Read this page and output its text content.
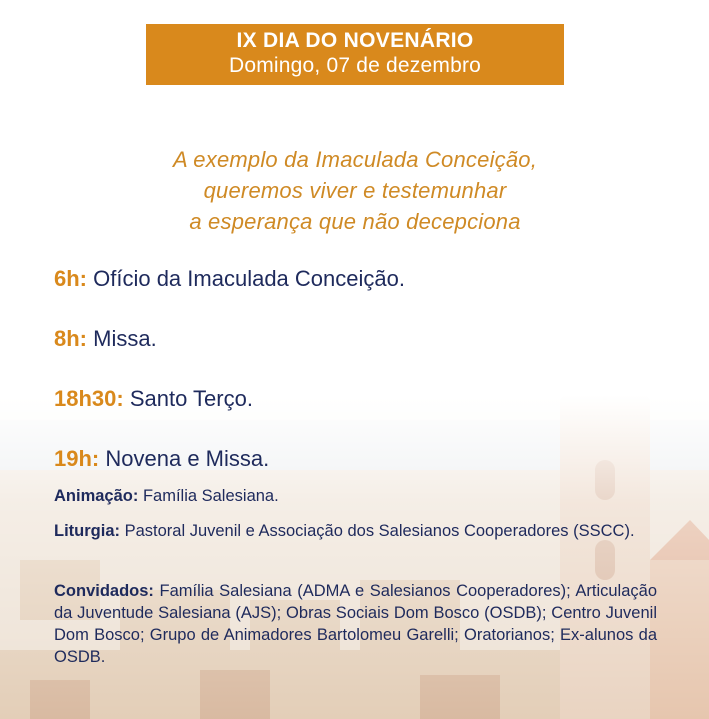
IX DIA DO NOVENÁRIO
Domingo, 07 de dezembro
A exemplo da Imaculada Conceição,
queremos viver e testemunhar
a esperança que não decepciona
6h: Ofício da Imaculada Conceição.
8h: Missa.
18h30: Santo Terço.
19h: Novena e Missa.
Animação: Família Salesiana.
Liturgia: Pastoral Juvenil e Associação dos Salesianos Cooperadores (SSCC).
Convidados: Família Salesiana (ADMA e Salesianos Cooperadores); Articulação da Juventude Salesiana (AJS); Obras Sociais Dom Bosco (OSDB); Centro Juvenil Dom Bosco; Grupo de Animadores Bartolomeu Garelli; Oratorianos; Ex-alunos da OSDB.
